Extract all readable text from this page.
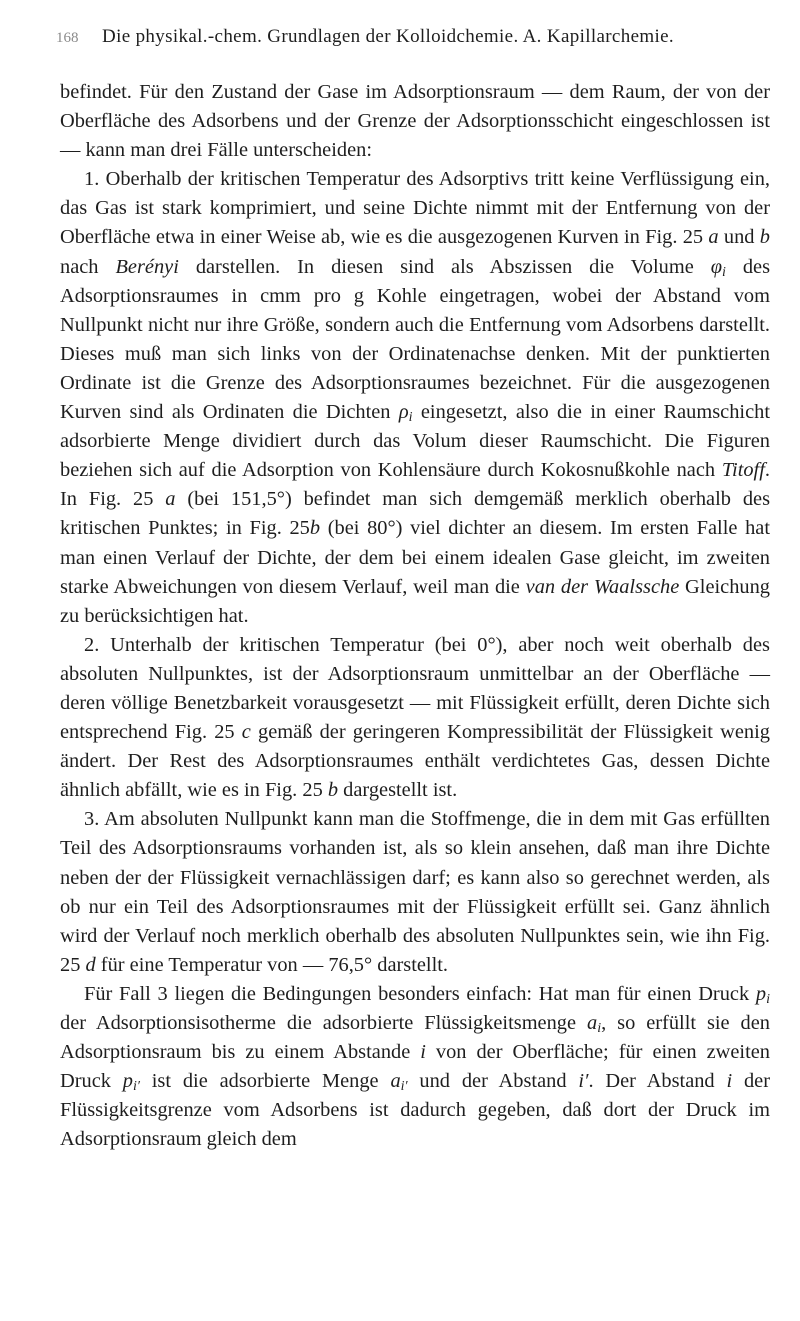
168 Die physikal.-chem. Grundlagen der Kolloidchemie. A. Kapillarchemie.

befindet. Für den Zustand der Gase im Adsorptionsraum — dem Raum, der von der Oberfläche des Adsorbens und der Grenze der Adsorptionsschicht eingeschlossen ist — kann man drei Fälle unterscheiden:

1. Oberhalb der kritischen Temperatur des Adsorptivs tritt keine Verflüssigung ein, das Gas ist stark komprimiert, und seine Dichte nimmt mit der Entfernung von der Oberfläche etwa in einer Weise ab, wie es die ausgezogenen Kurven in Fig. 25 a und b nach Berényi darstellen. In diesen sind als Abszissen die Volume $\varphi_i$ des Adsorptionsraumes in cmm pro g Kohle eingetragen, wobei der Abstand vom Nullpunkt nicht nur ihre Größe, sondern auch die Entfernung vom Adsorbens darstellt. Dieses muß man sich links von der Ordinatenachse denken. Mit der punktierten Ordinate ist die Grenze des Adsorptionsraumes bezeichnet. Für die ausgezogenen Kurven sind als Ordinaten die Dichten $\rho_i$ eingesetzt, also die in einer Raumschicht adsorbierte Menge dividiert durch das Volum dieser Raumschicht. Die Figuren beziehen sich auf die Adsorption von Kohlensäure durch Kokosnußkohle nach Titoff. In Fig. 25 a (bei 151,5°) befindet man sich demgemäß merklich oberhalb des kritischen Punktes; in Fig. 25b (bei 80°) viel dichter an diesem. Im ersten Falle hat man einen Verlauf der Dichte, der dem bei einem idealen Gase gleicht, im zweiten starke Abweichungen von diesem Verlauf, weil man die van der Waalssche Gleichung zu berücksichtigen hat.

2. Unterhalb der kritischen Temperatur (bei 0°), aber noch weit oberhalb des absoluten Nullpunktes, ist der Adsorptionsraum unmittelbar an der Oberfläche — deren völlige Benetzbarkeit vorausgesetzt — mit Flüssigkeit erfüllt, deren Dichte sich entsprechend Fig. 25 c gemäß der geringeren Kompressibilität der Flüssigkeit wenig ändert. Der Rest des Adsorptionsraumes enthält verdichtetes Gas, dessen Dichte ähnlich abfällt, wie es in Fig. 25 b dargestellt ist.

3. Am absoluten Nullpunkt kann man die Stoffmenge, die in dem mit Gas erfüllten Teil des Adsorptionsraums vorhanden ist, als so klein ansehen, daß man ihre Dichte neben der der Flüssigkeit vernachlässigen darf; es kann also so gerechnet werden, als ob nur ein Teil des Adsorptionsraumes mit der Flüssigkeit erfüllt sei. Ganz ähnlich wird der Verlauf noch merklich oberhalb des absoluten Nullpunktes sein, wie ihn Fig. 25 d für eine Temperatur von — 76,5° darstellt.

Für Fall 3 liegen die Bedingungen besonders einfach: Hat man für einen Druck $p_i$ der Adsorptionsisotherme die adsorbierte Flüssigkeitsmenge $a_i$, so erfüllt sie den Adsorptionsraum bis zu einem Abstande i von der Oberfläche; für einen zweiten Druck $p_{i'}$ ist die adsorbierte Menge $a_{i'}$ und der Abstand i′. Der Abstand i der Flüssigkeitsgrenze vom Adsorbens ist dadurch gegeben, daß dort der Druck im Adsorptionsraum gleich dem
